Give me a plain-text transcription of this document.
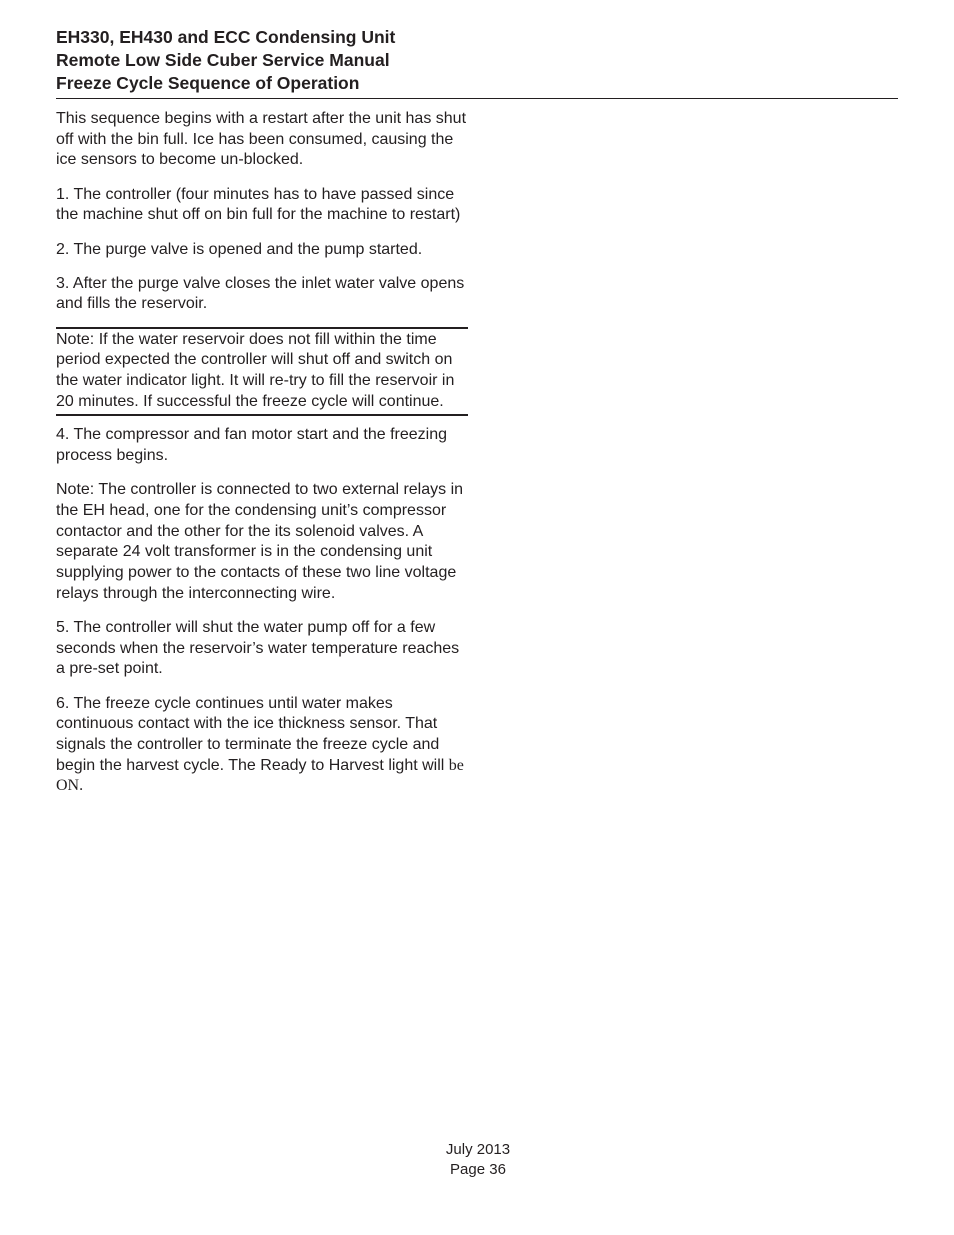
EH330, EH430 and ECC Condensing Unit

Remote Low Side Cuber Service Manual

Freeze Cycle Sequence of Operation

This sequence begins with a restart after the unit has shut off with the bin full. Ice has been consumed, causing the ice sensors to become un-blocked.

1. The controller (four minutes has to have passed since the machine shut off on bin full for the machine to restart)

2. The purge valve is opened and the pump started.

3. After the purge valve closes the inlet water valve opens and fills the reservoir.

Note: If the water reservoir does not fill within the time period expected the controller will shut off and switch on the water indicator light. It will re-try to fill the reservoir in 20 minutes. If successful the freeze cycle will continue.

4. The compressor and fan motor start and the freezing process begins.

Note: The controller is connected to two external relays in the EH head, one for the condensing unit’s compressor contactor and the other for the its solenoid valves. A separate 24 volt transformer is in the condensing unit supplying power to the contacts of these two line voltage relays through the interconnecting wire.

5. The controller will shut the water pump off for a few seconds when the reservoir’s water temperature reaches a pre-set point.

6. The freeze cycle continues until water makes continuous contact with the ice thickness sensor. That signals the controller to terminate the freeze cycle and begin the harvest cycle. The Ready to Harvest light will be ON.

July 2013
Page 36
